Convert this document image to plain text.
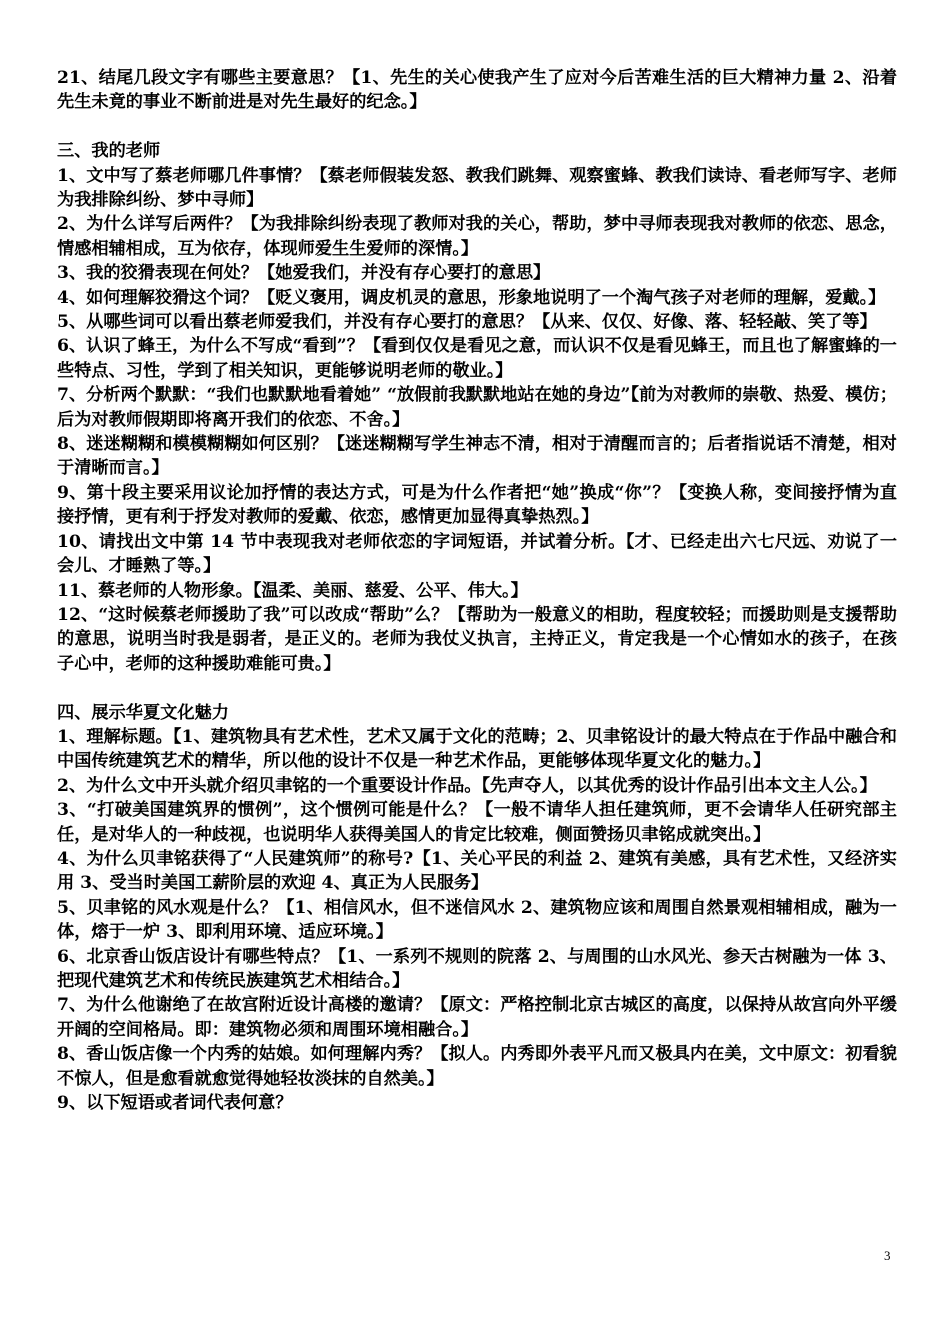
21、结尾几段文字有哪些主要意思？【1、先生的关心使我产生了应对今后苦难生活的巨大精神力量 2、沿着先生未竟的事业不断前进是对先生最好的纪念。】

三、我的老师

1、文中写了蔡老师哪几件事情？【蔡老师假装发怒、教我们跳舞、观察蜜蜂、教我们读诗、看老师写字、老师为我排除纠纷、梦中寻师】

2、为什么详写后两件？【为我排除纠纷表现了教师对我的关心，帮助，梦中寻师表现我对教师的依恋、思念，情感相辅相成，互为依存，体现师爱生生爱师的深情。】

3、我的狡猾表现在何处？【她爱我们，并没有存心要打的意思】

4、如何理解狡猾这个词？【贬义褒用，调皮机灵的意思，形象地说明了一个淘气孩子对老师的理解，爱戴。】

5、从哪些词可以看出蔡老师爱我们，并没有存心要打的意思？【从来、仅仅、好像、落、轻轻敲、笑了等】

6、认识了蜂王，为什么不写成“看到”？【看到仅仅是看见之意，而认识不仅是看见蜂王，而且也了解蜜蜂的一些特点、习性，学到了相关知识，更能够说明老师的敬业。】

7、分析两个默默：“我们也默默地看着她” “放假前我默默地站在她的身边”【前为对教师的崇敬、热爱、模仿；后为对教师假期即将离开我们的依恋、不舍。】

8、迷迷糊糊和模模糊糊如何区别？【迷迷糊糊写学生神志不清，相对于清醒而言的；后者指说话不清楚，相对于清晰而言。】

9、第十段主要采用议论加抒情的表达方式，可是为什么作者把“她”换成“你”？【变换人称，变间接抒情为直接抒情，更有利于抒发对教师的爱戴、依恋，感情更加显得真挚热烈。】

10、请找出文中第 14 节中表现我对老师依恋的字词短语，并试着分析。【才、已经走出六七尺远、劝说了一会儿、才睡熟了等。】

11、蔡老师的人物形象。【温柔、美丽、慈爱、公平、伟大。】

12、“这时候蔡老师援助了我”可以改成“帮助”么？【帮助为一般意义的相助，程度较轻；而援助则是支援帮助的意思，说明当时我是弱者，是正义的。老师为我仗义执言，主持正义，肯定我是一个心情如水的孩子，在孩子心中，老师的这种援助难能可贵。】

四、展示华夏文化魅力

1、理解标题。【1、建筑物具有艺术性，艺术又属于文化的范畴；2、贝聿铭设计的最大特点在于作品中融合和中国传统建筑艺术的精华，所以他的设计不仅是一种艺术作品，更能够体现华夏文化的魅力。】

2、为什么文中开头就介绍贝聿铭的一个重要设计作品。【先声夺人，以其优秀的设计作品引出本文主人公。】

3、“打破美国建筑界的惯例”，这个惯例可能是什么？【一般不请华人担任建筑师，更不会请华人任研究部主任，是对华人的一种歧视，也说明华人获得美国人的肯定比较难，侧面赞扬贝聿铭成就突出。】

4、为什么贝聿铭获得了“人民建筑师”的称号?【1、关心平民的利益 2、建筑有美感，具有艺术性，又经济实用 3、受当时美国工薪阶层的欢迎 4、真正为人民服务】

5、贝聿铭的风水观是什么？【1、相信风水，但不迷信风水 2、建筑物应该和周围自然景观相辅相成，融为一体，熔于一炉 3、即利用环境、适应环境。】

6、北京香山饭店设计有哪些特点？【1、一系列不规则的院落 2、与周围的山水风光、参天古树融为一体 3、把现代建筑艺术和传统民族建筑艺术相结合。】

7、为什么他谢绝了在故宫附近设计高楼的邀请？【原文：严格控制北京古城区的高度，以保持从故宫向外平缓开阔的空间格局。即：建筑物必须和周围环境相融合。】

8、香山饭店像一个内秀的姑娘。如何理解内秀？【拟人。内秀即外表平凡而又极具内在美，文中原文：初看貌不惊人，但是愈看就愈觉得她轻妆淡抹的自然美。】

9、以下短语或者词代表何意？

3
